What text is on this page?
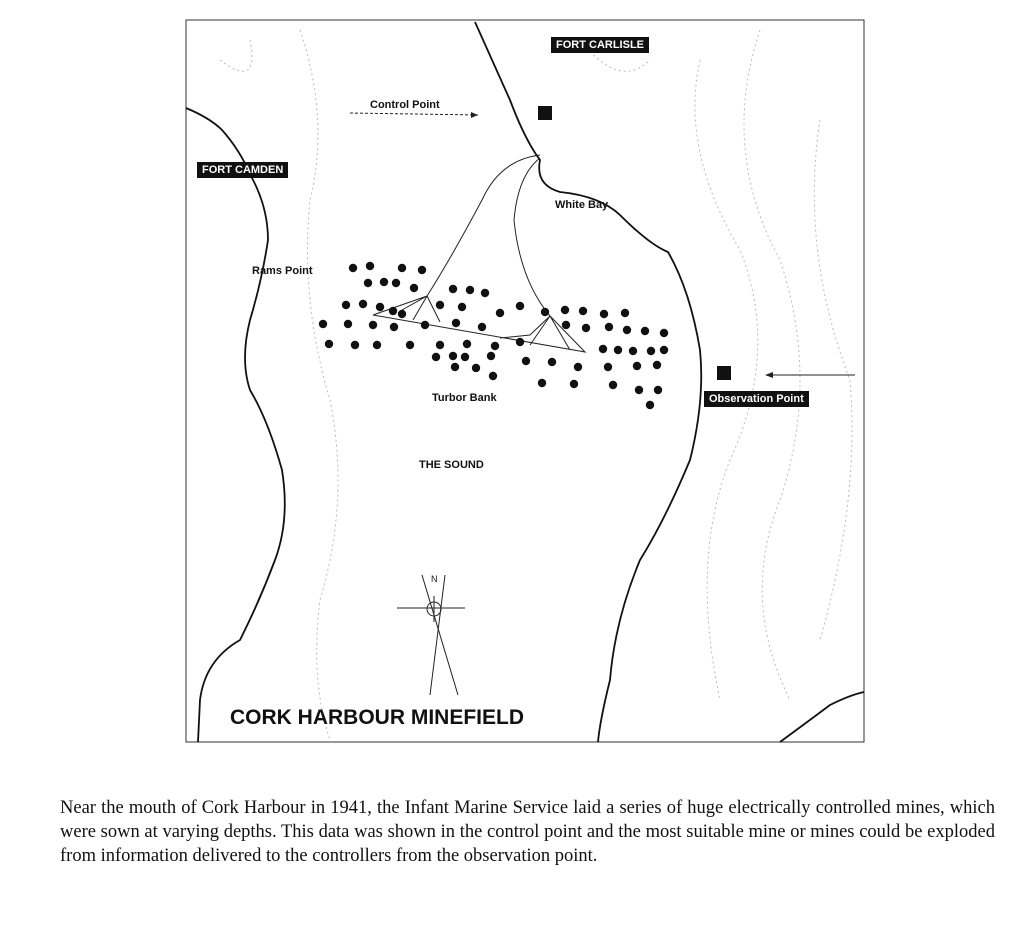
FORT CARLISLE
FORT CAMDEN
Control Point
White Bay
Rams Point
Turbor Bank
THE SOUND
Observation Point
N
CORK HARBOUR MINEFIELD
Near the mouth of Cork Harbour in 1941, the Infant Marine Service laid a series of huge electrically controlled mines, which were sown at varying depths. This data was shown in the control point and the most suitable mine or mines could be exploded from information delivered to the controllers from the observation point.
